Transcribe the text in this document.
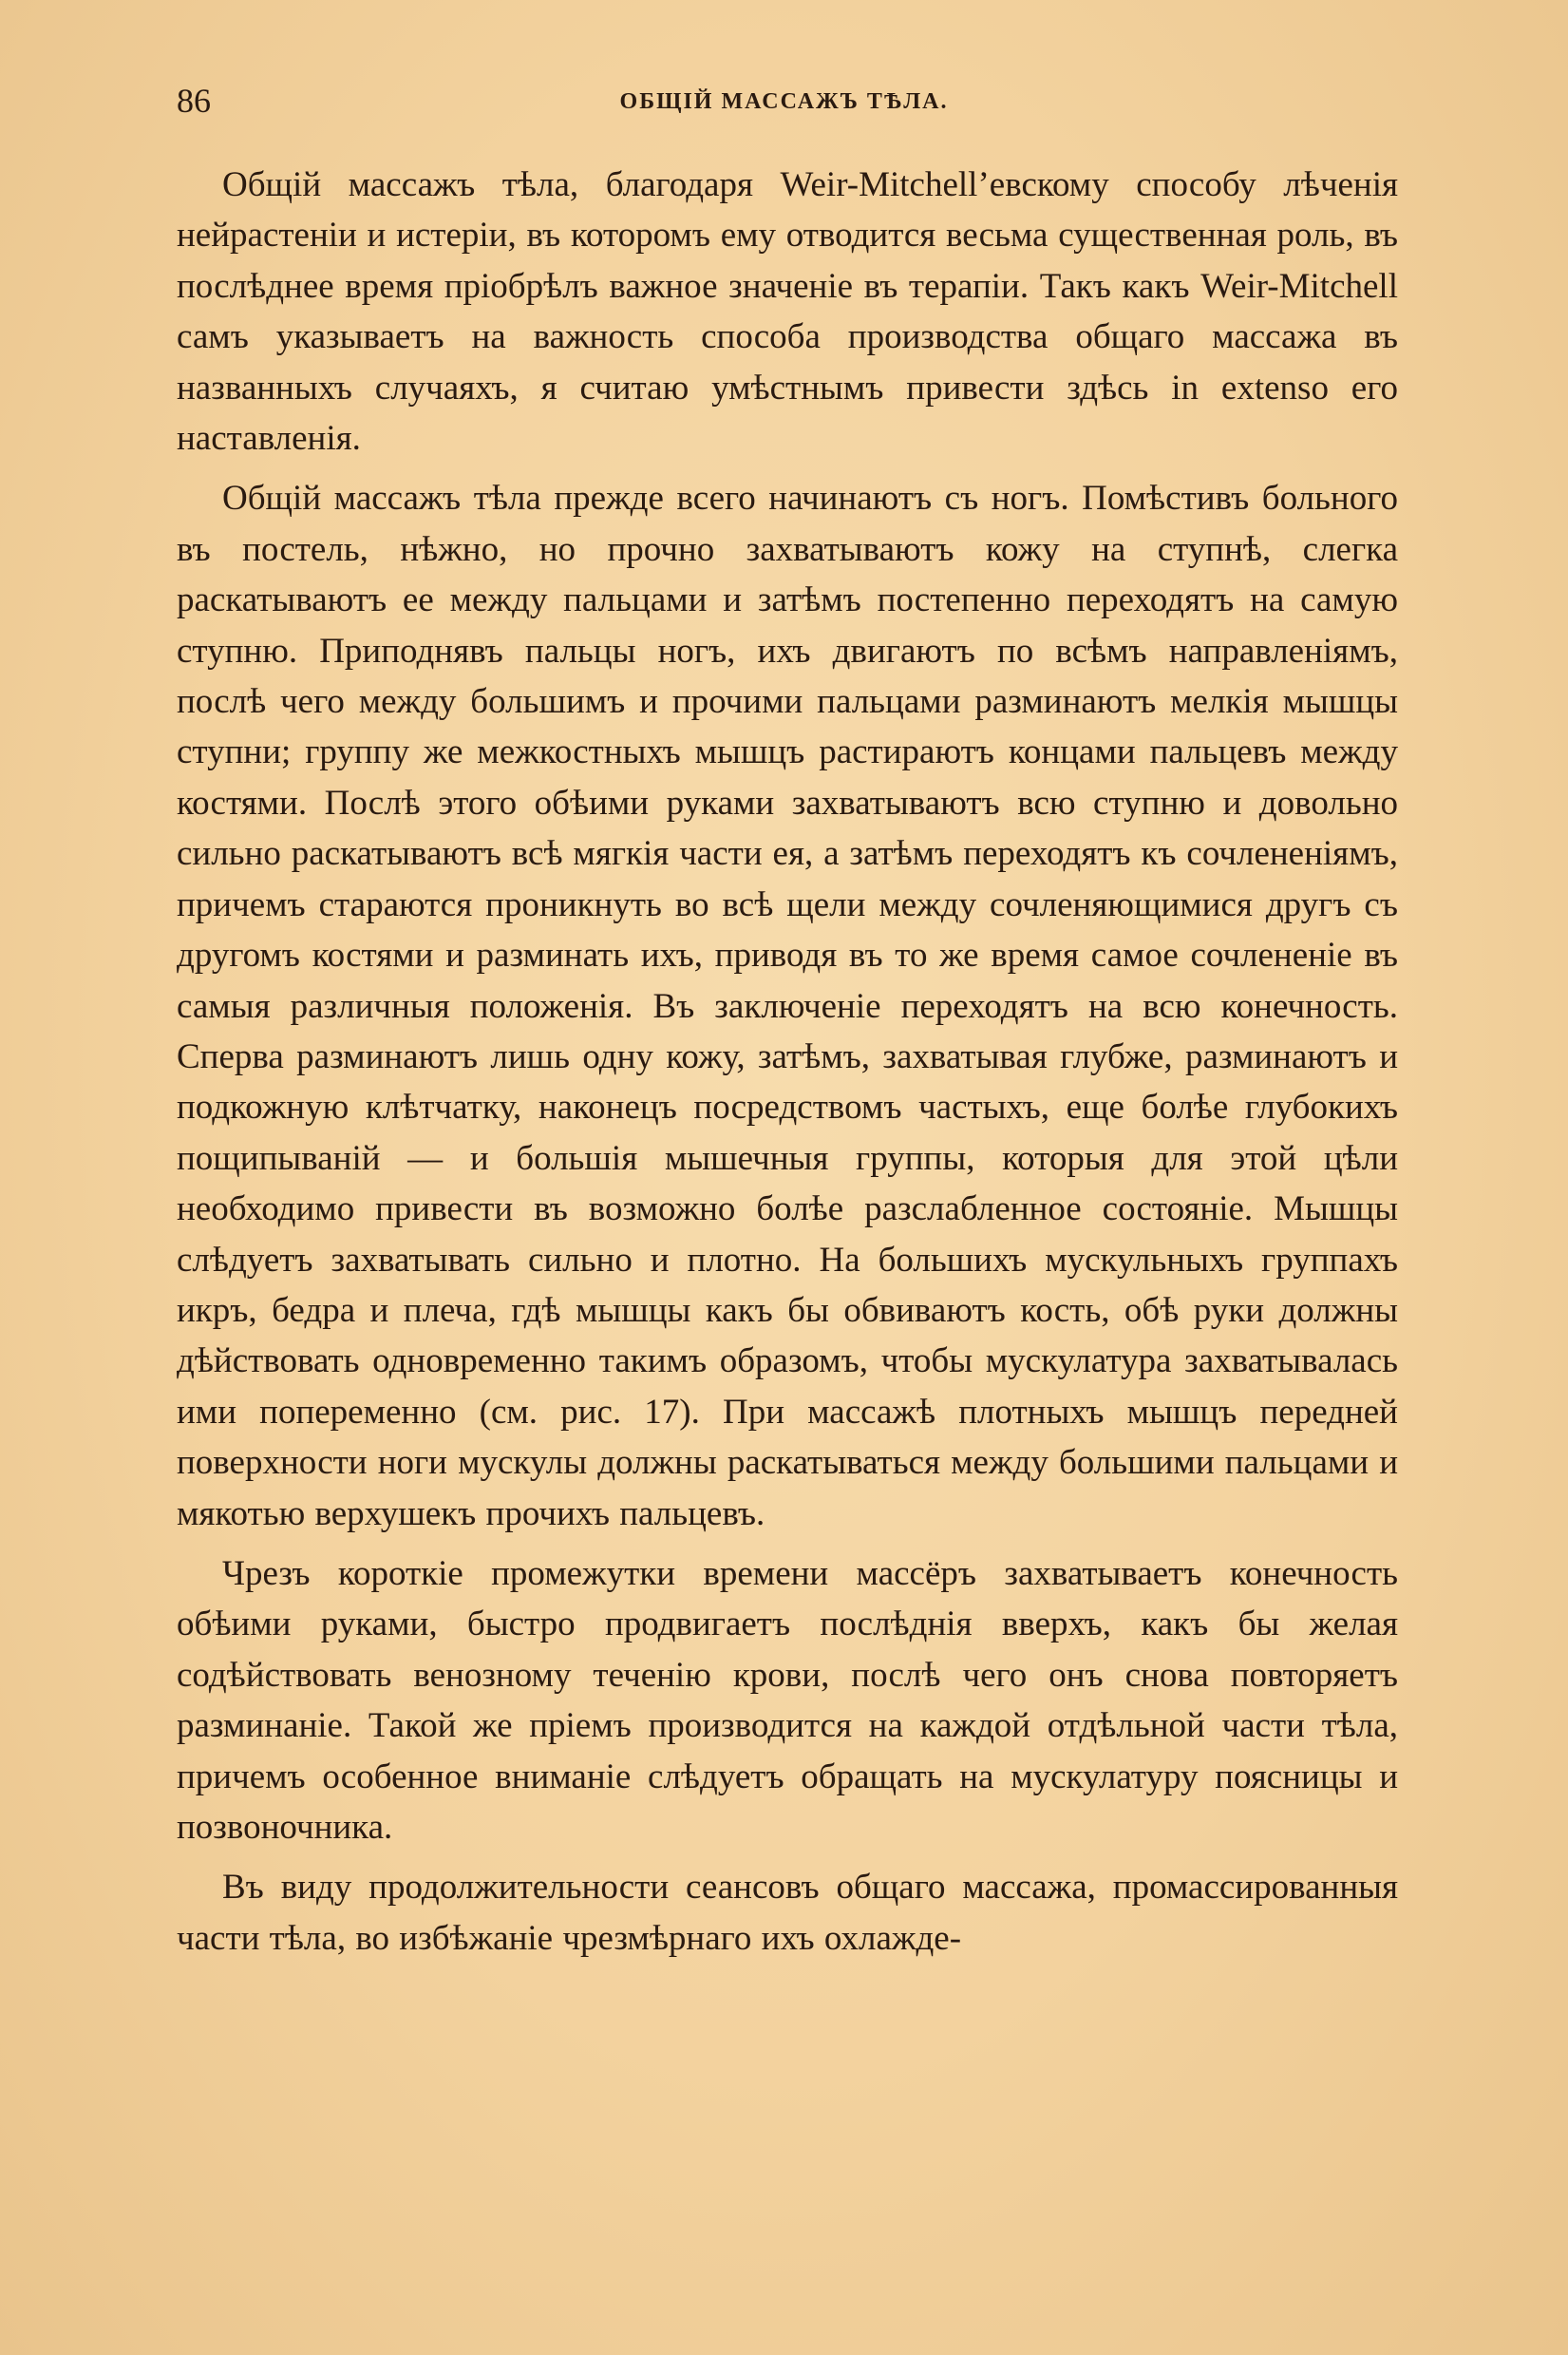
86	ОБЩІЙ МАССАЖЪ ТѢЛА.

Общій массажъ тѣла, благодаря Weir-Mitchell’евскому способу лѣченія нейрастеніи и истеріи, въ которомъ ему отводится весьма существенная роль, въ послѣднее время пріобрѣлъ важное значеніе въ терапіи. Такъ какъ Weir-Mitchell самъ указываетъ на важность способа производства общаго массажа въ названныхъ случаяхъ, я считаю умѣстнымъ привести здѣсь in extenso его наставленія.

Общій массажъ тѣла прежде всего начинаютъ съ ногъ. Помѣстивъ больного въ постель, нѣжно, но прочно захватываютъ кожу на ступнѣ, слегка раскатываютъ ее между пальцами и затѣмъ постепенно переходятъ на самую ступню. Приподнявъ пальцы ногъ, ихъ двигаютъ по всѣмъ направленіямъ, послѣ чего между большимъ и прочими пальцами разминаютъ мелкія мышцы ступни; группу же межкостныхъ мышцъ растираютъ концами пальцевъ между костями. Послѣ этого обѣими руками захватываютъ всю ступню и довольно сильно раскатываютъ всѣ мягкія части ея, а затѣмъ переходятъ къ сочлененіямъ, причемъ стараются проникнуть во всѣ щели между сочленяющимися другъ съ другомъ костями и разминать ихъ, приводя въ то же время самое сочлененіе въ самыя различныя положенія. Въ заключеніе переходятъ на всю конечность. Сперва разминаютъ лишь одну кожу, затѣмъ, захватывая глубже, разминаютъ и подкожную клѣтчатку, наконецъ посредствомъ частыхъ, еще болѣе глубокихъ пощипываній — и большія мышечныя группы, которыя для этой цѣли необходимо привести въ возможно болѣе разслабленное состояніе. Мышцы слѣдуетъ захватывать сильно и плотно. На большихъ мускульныхъ группахъ икръ, бедра и плеча, гдѣ мышцы какъ бы обвиваютъ кость, обѣ руки должны дѣйствовать одновременно такимъ образомъ, чтобы мускулатура захватывалась ими попеременно (см. рис. 17). При массажѣ плотныхъ мышцъ передней поверхности ноги мускулы должны раскатываться между большими пальцами и мякотью верхушекъ прочихъ пальцевъ.

Чрезъ короткіе промежутки времени массёръ захватываетъ конечность обѣими руками, быстро продвигаетъ послѣднія вверхъ, какъ бы желая содѣйствовать венозному теченію крови, послѣ чего онъ снова повторяетъ разминаніе. Такой же пріемъ производится на каждой отдѣльной части тѣла, причемъ особенное вниманіе слѣдуетъ обращать на мускулатуру поясницы и позвоночника.

Въ виду продолжительности сеансовъ общаго массажа, промассированныя части тѣла, во избѣжаніе чрезмѣрнаго ихъ охлажде-
